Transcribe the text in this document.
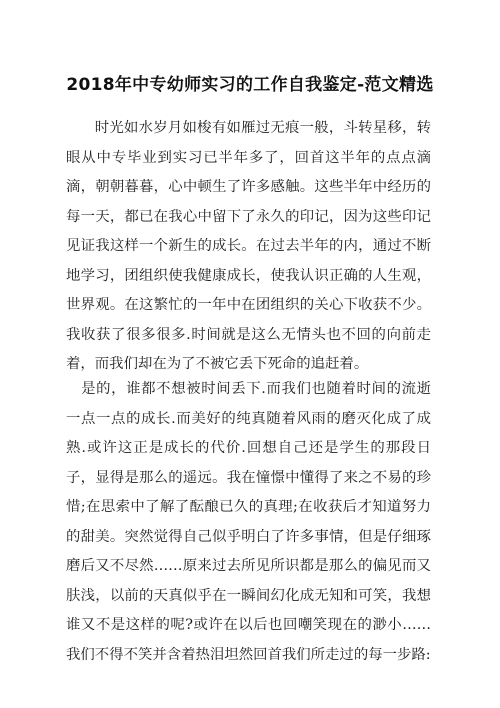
2018年中专幼师实习的工作自我鉴定-范文精选

时光如水岁月如梭有如雁过无痕一般，斗转星移，转眼从中专毕业到实习已半年多了，回首这半年的点点滴滴，朝朝暮暮，心中顿生了许多感触。这些半年中经历的每一天，都已在我心中留下了永久的印记，因为这些印记见证我这样一个新生的成长。在过去半年的内，通过不断地学习，团组织使我健康成长，使我认识正确的人生观，世界观。在这繁忙的一年中在团组织的关心下收获不少。我收获了很多很多.时间就是这么无情头也不回的向前走着，而我们却在为了不被它丢下死命的追赶着。

是的，谁都不想被时间丢下.而我们也随着时间的流逝一点一点的成长.而美好的纯真随着风雨的磨灭化成了成熟.或许这正是成长的代价.回想自己还是学生的那段日子，显得是那么的遥远。我在憧憬中懂得了来之不易的珍惜;在思索中了解了酝酿已久的真理;在收获后才知道努力的甜美。突然觉得自己似乎明白了许多事情，但是仔细琢磨后又不尽然……原来过去所见所识都是那么的偏见而又肤浅，以前的天真似乎在一瞬间幻化成无知和可笑，我想谁又不是这样的呢?或许在以后也回嘲笑现在的渺小……我们不得不笑并含着热泪坦然回首我们所走过的每一步路:
